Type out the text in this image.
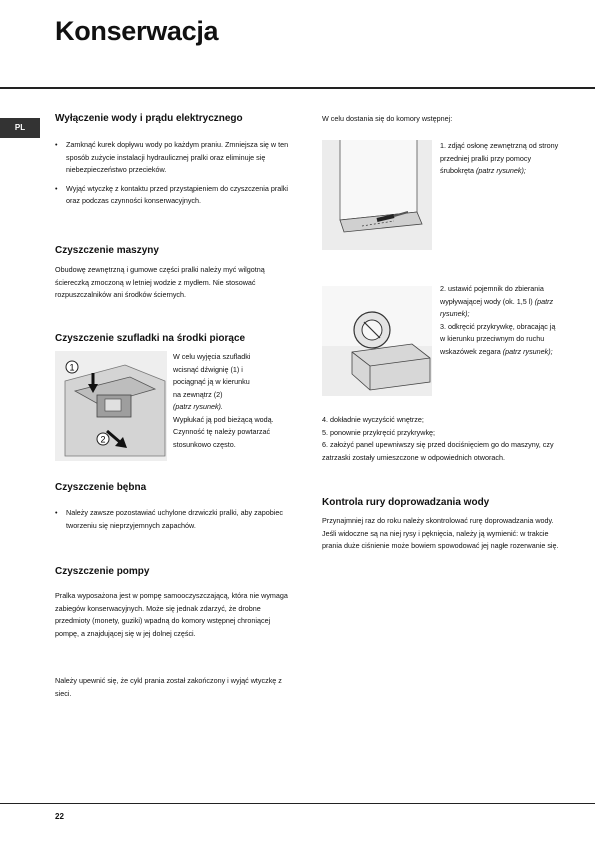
Konserwacja
PL
Wyłączenie wody i prądu elektrycznego
• Zamknąć kurek dopływu wody po każdym praniu. Zmniejsza się w ten sposób zużycie instalacji hydraulicznej pralki oraz eliminuje się niebezpieczeństwo przecieków.
• Wyjąć wtyczkę z kontaktu przed przystąpieniem do czyszczenia pralki oraz podczas czynności konserwacyjnych.
Czyszczenie maszyny

Obudowę zewnętrzną i gumowe części pralki należy myć wilgotną ściereczką zmoczoną w letniej wodzie z mydłem. Nie stosować rozpuszczalników ani środków ściernych.

Czyszczenie szufladki na środki piorące
1
2
W celu wyjęcia szufladki
wcisnąć dźwignię (1) i
pociągnąć ją w kierunku
na zewnątrz (2)
(patrz rysunek).
Wypłukać ją pod bieżącą wodą. Czynność tę należy powtarzać stosunkowo często.
Czyszczenie bębna
• Należy zawsze pozostawiać uchylone drzwiczki pralki, aby zapobiec tworzeniu się nieprzyjemnych zapachów.
Czyszczenie pompy

Pralka wyposażona jest w pompę samooczyszczającą, która nie wymaga zabiegów konserwacyjnych. Może się jednak zdarzyć, że drobne przedmioty (monety, guziki) wpadną do komory wstępnej chroniącej pompę, a znajdującej się w jej dolnej części.

Należy upewnić się, że cykl prania został zakończony i wyjąć wtyczkę z sieci.

W celu dostania się do komory wstępnej:

1. zdjąć osłonę zewnętrzną od strony przedniej pralki przy pomocy śrubokręta (patrz rysunek);
2. ustawić pojemnik do zbierania wypływającej wody (ok. 1,5 l) (patrz rysunek);
3. odkręcić przykrywkę, obracając ją w kierunku przeciwnym do ruchu wskazówek zegara (patrz rysunek);
4. dokładnie wyczyścić wnętrze;
5. ponownie przykręcić przykrywkę;
6. założyć panel upewniwszy się przed dociśnięciem go do maszyny, czy zatrzaski zostały umieszczone w odpowiednich otworach.
Kontrola rury doprowadzania wody

Przynajmniej raz do roku należy skontrolować rurę doprowadzania wody. Jeśli widoczne są na niej rysy i pęknięcia, należy ją wymienić: w trakcie prania duże ciśnienie może bowiem spowodować jej nagłe rozerwanie się.

22
